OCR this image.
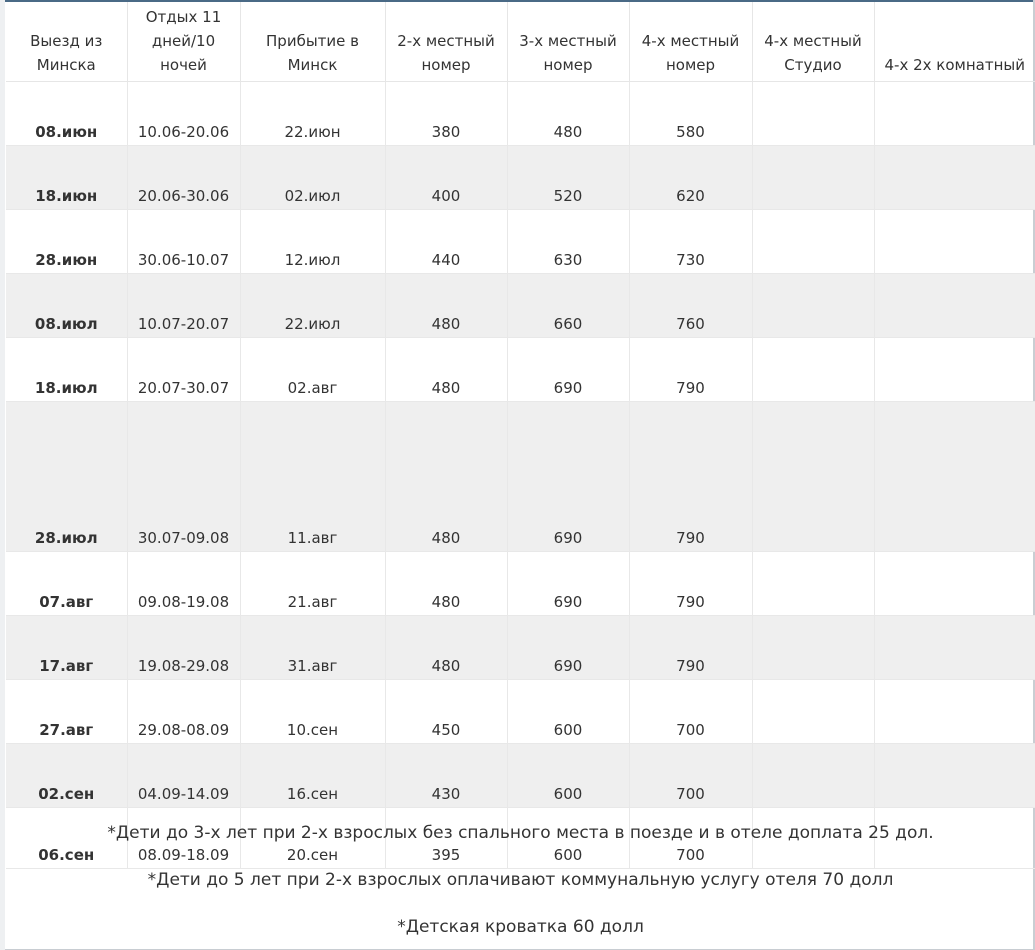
Выезд из Минска	Отдых 11 дней/10 ночей	Прибытие в Минск	2-х местный номер	3-х местный номер	4-х местный номер	4-х местный Студио	4-х 2х комнатный
08.июн	10.06-20.06	22.июн	380	480	580		
18.июн	20.06-30.06	02.июл	400	520	620		
28.июн	30.06-10.07	12.июл	440	630	730		
08.июл	10.07-20.07	22.июл	480	660	760		
18.июл	20.07-30.07	02.авг	480	690	790		
28.июл	30.07-09.08	11.авг	480	690	790		
07.авг	09.08-19.08	21.авг	480	690	790		
17.авг	19.08-29.08	31.авг	480	690	790		
27.авг	29.08-08.09	10.сен	450	600	700		
02.сен	04.09-14.09	16.сен	430	600	700		
06.сен	08.09-18.09	20.сен	395	600	700		
*Дети до 3-х лет при 2-х взрослых без спального места в поезде и в отеле доплата 25 дол.
*Дети до 5 лет при 2-х взрослых оплачивают коммунальную услугу отеля 70 долл
*Детская кроватка 60 долл
